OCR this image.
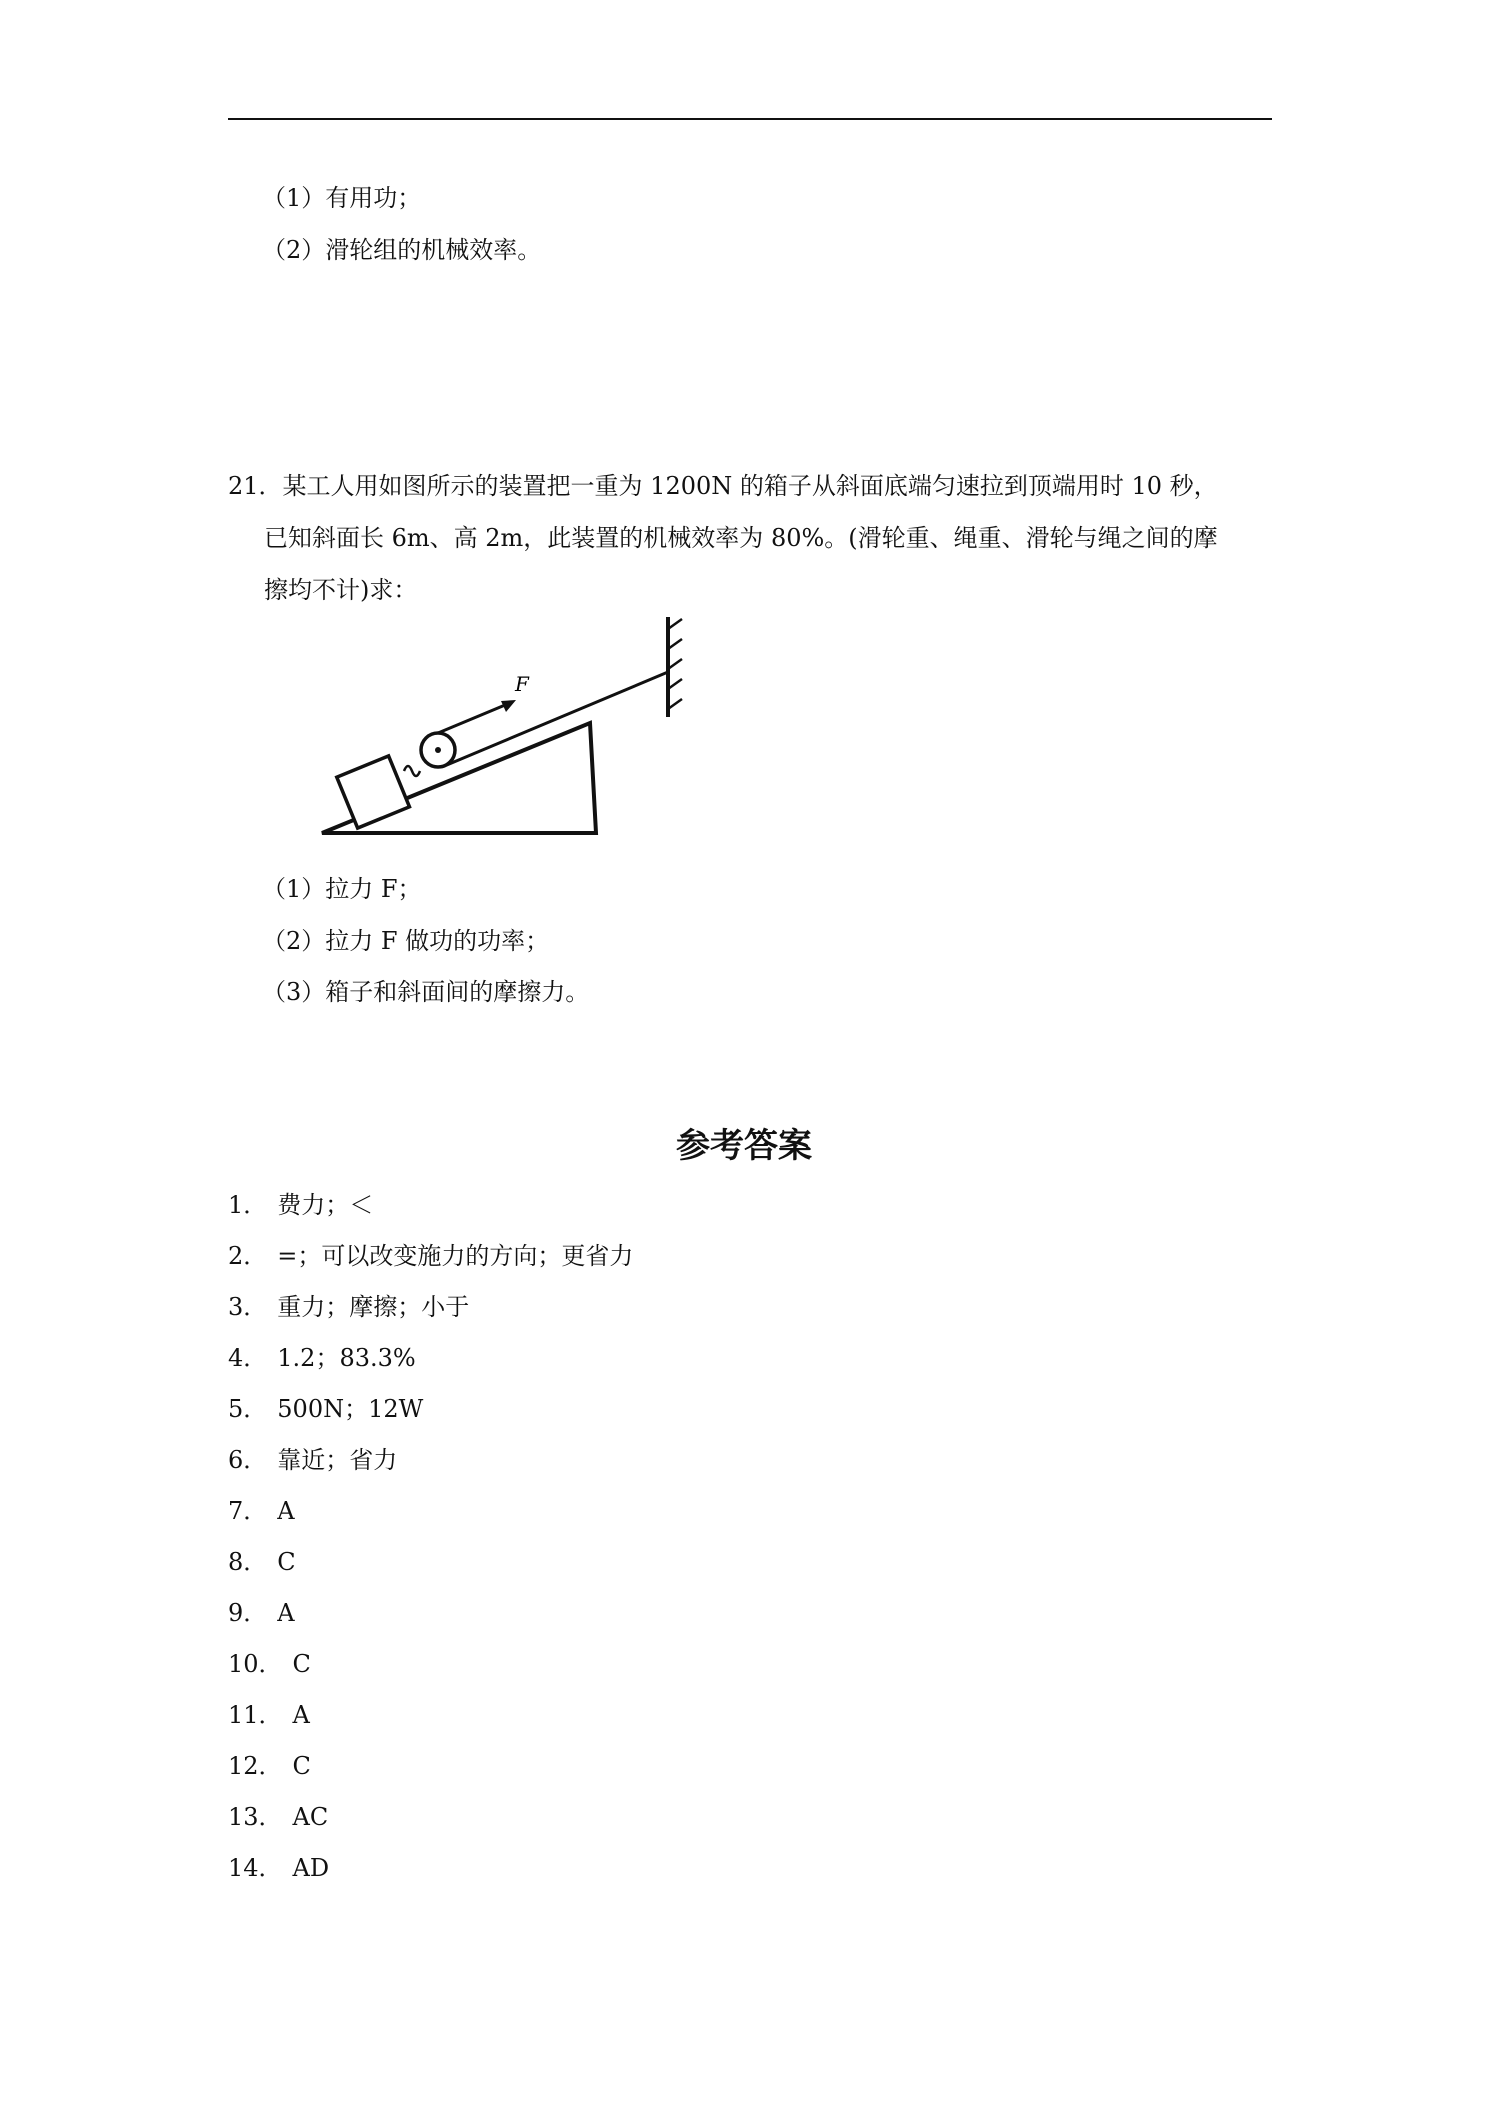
（1）有用功；
（2）滑轮组的机械效率。
21．某工人用如图所示的装置把一重为 1200N 的箱子从斜面底端匀速拉到顶端用时 10 秒，
已知斜面长 6m、高 2m，此装置的机械效率为 80%。(滑轮重、绳重、滑轮与绳之间的摩
擦均不计)求：
F
（1）拉力 F；
（2）拉力 F 做功的功率；
（3）箱子和斜面间的摩擦力。
参考答案
1． 费力；＜
2． =；可以改变施力的方向；更省力
3． 重力；摩擦；小于
4． 1.2；83.3%
5． 500N；12W
6． 靠近；省力
7． A
8． C
9． A
10． C
11． A
12． C
13． AC
14． AD
